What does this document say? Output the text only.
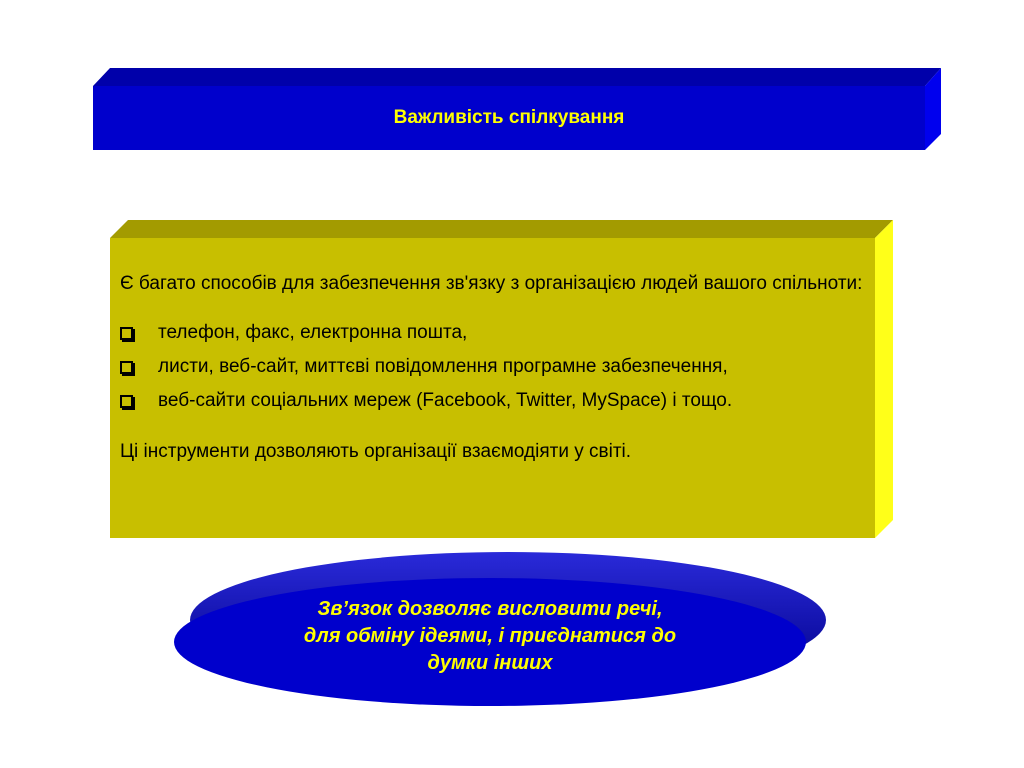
Важливість спілкування

Є багато способів для забезпечення зв'язку з організацією людей вашого спільноти:

телефон, факс, електронна пошта,
листи, веб-сайт, миттєві повідомлення програмне забезпечення,
веб-сайти соціальних мереж (Facebook, Twitter, MySpace) і тощо.

Ці інструменти дозволяють організації взаємодіяти у світі.

Зв’язок дозволяє висловити речі,
для обміну ідеями, і приєднатися до
думки інших
